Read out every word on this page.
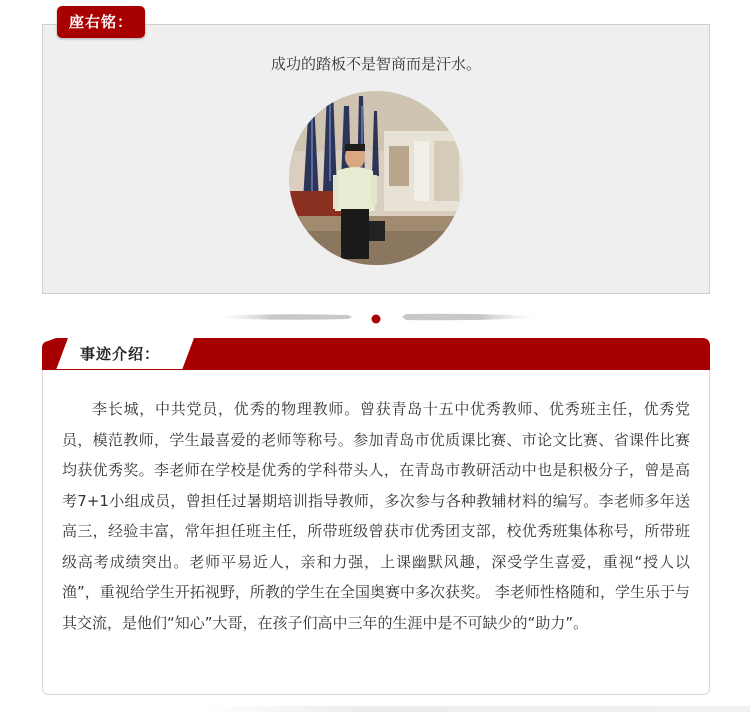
成功的踏板不是智商而是汗水。
座右铭：
事迹介绍：
李长城，中共党员，优秀的物理教师。曾获青岛十五中优秀教师、优秀班主任，优秀党员，模范教师，学生最喜爱的老师等称号。参加青岛市优质课比赛、市论文比赛、省课件比赛均获优秀奖。李老师在学校是优秀的学科带头人，在青岛市教研活动中也是积极分子，曾是高考7+1小组成员，曾担任过暑期培训指导教师，多次参与各种教辅材料的编写。李老师多年送高三，经验丰富，常年担任班主任，所带班级曾获市优秀团支部，校优秀班集体称号，所带班级高考成绩突出。老师平易近人，亲和力强，上课幽默风趣，深受学生喜爱，重视“授人以渔”，重视给学生开拓视野，所教的学生在全国奥赛中多次获奖。 李老师性格随和，学生乐于与其交流，是他们“知心”大哥，在孩子们高中三年的生涯中是不可缺少的“助力”。
